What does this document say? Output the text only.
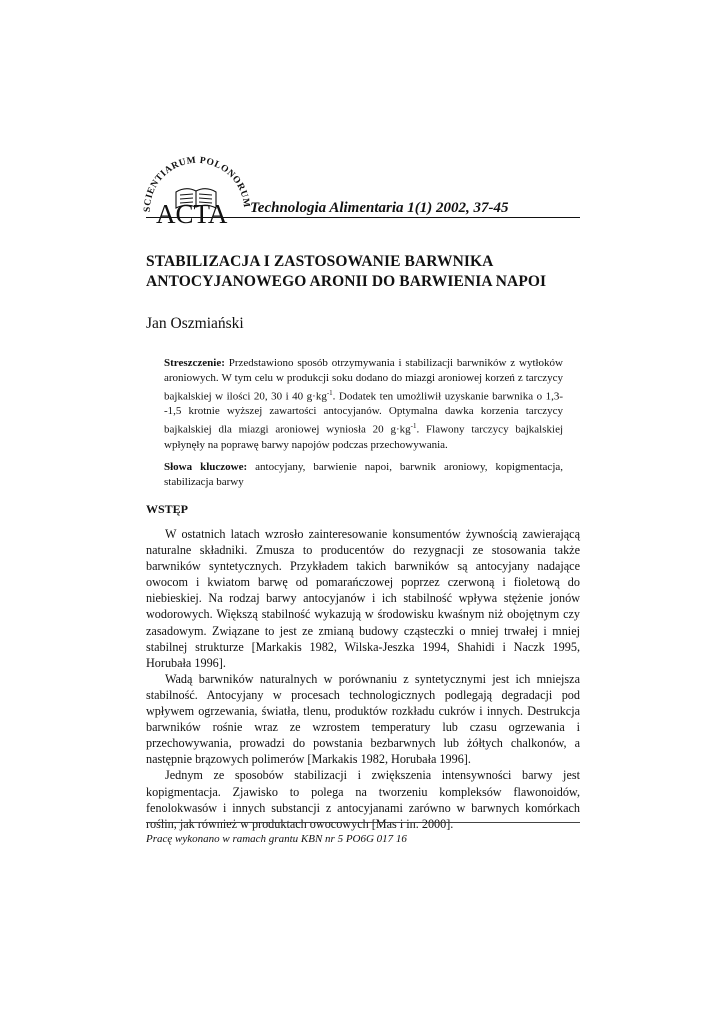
SCIENTIARUM POLONORUM
ACTA Technologia Alimentaria 1(1) 2002, 37-45
STABILIZACJA I ZASTOSOWANIE BARWNIKA
ANTOCYJANOWEGO ARONII DO BARWIENIA NAPOI
Jan Oszmiański

Streszczenie: Przedstawiono sposób otrzymywania i stabilizacji barwników z wytłoków aroniowych. W tym celu w produkcji soku dodano do miazgi aroniowej korzeń z tarczycy bajkalskiej w ilości 20, 30 i 40 $g\cdot kg^{-1}$. Dodatek ten umożliwił uzyskanie barwnika o 1,3--1,5 krotnie wyższej zawartości antocyjanów. Optymalna dawka korzenia tarczycy bajkalskiej dla miazgi aroniowej wyniosła 20 $g\cdot kg^{-1}$. Flawony tarczycy bajkalskiej wpłynęły na poprawę barwy napojów podczas przechowywania.

Słowa kluczowe: antocyjany, barwienie napoi, barwnik aroniowy, kopigmentacja, stabilizacja barwy

WSTĘP

W ostatnich latach wzrosło zainteresowanie konsumentów żywnością zawierającą naturalne składniki. Zmusza to producentów do rezygnacji ze stosowania także barwników syntetycznych. Przykładem takich barwników są antocyjany nadające owocom i kwiatom barwę od pomarańczowej poprzez czerwoną i fioletową do niebieskiej. Na rodzaj barwy antocyjanów i ich stabilność wpływa stężenie jonów wodorowych. Większą stabilność wykazują w środowisku kwaśnym niż obojętnym czy zasadowym. Związane to jest ze zmianą budowy cząsteczki o mniej trwałej i mniej stabilnej strukturze [Markakis 1982, Wilska-Jeszka 1994, Shahidi i Naczk 1995, Horubała 1996].

Wadą barwników naturalnych w porównaniu z syntetycznymi jest ich mniejsza stabilność. Antocyjany w procesach technologicznych podlegają degradacji pod wpływem ogrzewania, światła, tlenu, produktów rozkładu cukrów i innych. Destrukcja barwników rośnie wraz ze wzrostem temperatury lub czasu ogrzewania i przechowywania, prowadzi do powstania bezbarwnych lub żółtych chalkonów, a następnie brązowych polimerów [Markakis 1982, Horubała 1996].

Jednym ze sposobów stabilizacji i zwiększenia intensywności barwy jest kopigmentacja. Zjawisko to polega na tworzeniu kompleksów flawonoidów, fenolokwasów i innych substancji z antocyjanami zarówno w barwnych komórkach roślin, jak również w produktach owocowych [Mas i in. 2000].

Pracę wykonano w ramach grantu KBN nr 5 PO6G 017 16
